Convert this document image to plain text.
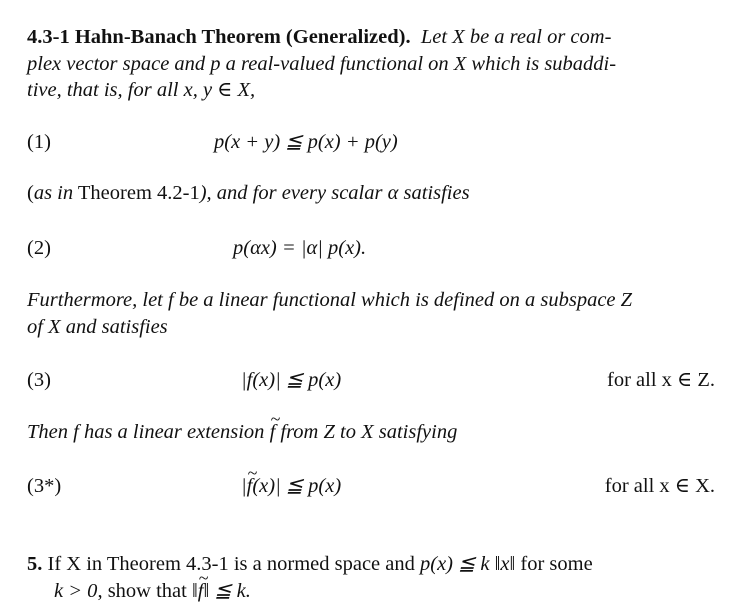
4.3-1 Hahn-Banach Theorem (Generalized). Let X be a real or com-
plex vector space and p a real-valued functional on X which is subaddi-
tive, that is, for all x, y ∈ X,
(1)	p(x + y) ≦ p(x) + p(y)
(as in Theorem 4.2-1), and for every scalar α satisfies
(2)	p(αx) = |α| p(x).
Furthermore, let f be a linear functional which is defined on a subspace Z
of X and satisfies
(3)	|f(x)| ≦ p(x)	for all x ∈ Z.
Then f has a linear extension ~ f from Z to X satisfying
(3*)	|~ f(x)| ≦ p(x)	for all x ∈ X.
5. If X in Theorem 4.3-1 is a normed space and p(x) ≦ k ‖x‖ for some
k > 0, show that ‖~ f‖ ≦ k.
